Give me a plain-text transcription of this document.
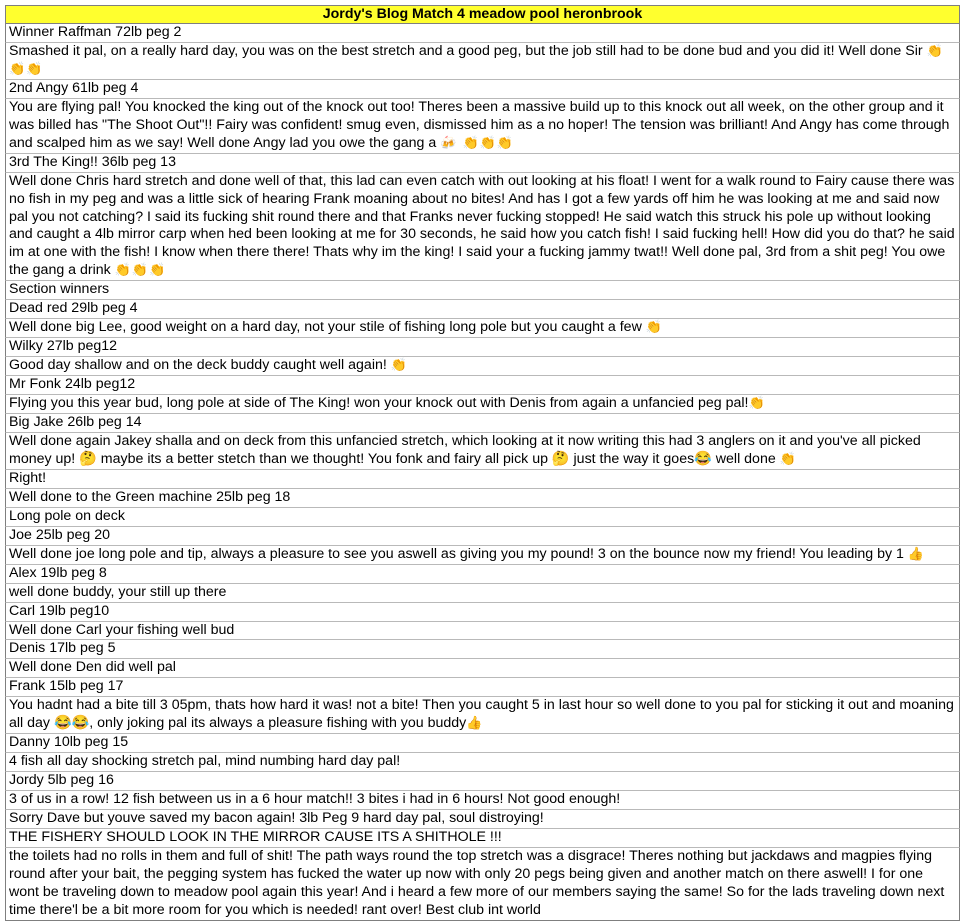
Jordy's Blog Match 4 meadow pool heronbrook
Winner Raffman 72lb peg 2
Smashed it pal, on a really hard day, you was on the best stretch and a good peg, but the job still had to be done bud and you did it! Well done Sir 👏👏👏
2nd Angy 61lb peg 4
You are flying pal! You knocked the king out of the knock out too! Theres been a massive build up to this knock out all week, on the other group and it was billed has "The Shoot Out"!! Fairy was confident! smug even, dismissed him as a no hoper! The tension was brilliant! And Angy has come through and scalped him as we say! Well done Angy lad you owe the gang a 🍻 👏👏👏
3rd The King!! 36lb peg 13
Well done Chris hard stretch and done well of that, this lad can even catch with out looking at his float! I went for a walk round to Fairy cause there was no fish in my peg and was a little sick of hearing Frank moaning about no bites! And has I got a few yards off him he was looking at me and said now pal you not catching? I said its fucking shit round there and that Franks never fucking stopped! He said watch this struck his pole up without looking and caught a 4lb mirror carp when hed been looking at me for 30 seconds, he said how you catch fish! I said fucking hell! How did you do that? he said im at one with the fish! I know when there there! Thats why im the king! I said your a fucking jammy twat!! Well done pal, 3rd from a shit peg! You owe the gang a drink 👏👏👏
Section winners
Dead red 29lb peg 4
Well done big Lee, good weight on a hard day, not your stile of fishing long pole but you caught a few 👏
Wilky 27lb peg12
Good day shallow and on the deck buddy caught well again! 👏
Mr Fonk 24lb peg12
Flying you this year bud, long pole at side of The King! won your knock out with Denis from again a unfancied peg pal!👏
Big Jake 26lb peg 14
Well done again Jakey shalla and on deck from this unfancied stretch, which looking at it now writing this had 3 anglers on it and you've all picked money up! 🤔 maybe its a better stetch than we thought! You fonk and fairy all pick up 🤔 just the way it goes😂 well done 👏
Right!
Well done to the Green machine 25lb peg 18
Long pole on deck
Joe 25lb peg 20
Well done joe long pole and tip, always a pleasure to see you aswell as giving you my pound! 3 on the bounce now my friend! You leading by 1 👍
Alex 19lb peg 8
well done buddy, your still up there
Carl 19lb peg10
Well done Carl your fishing well bud
Denis 17lb peg 5
Well done Den did well pal
Frank 15lb peg 17
You hadnt had a bite till 3 05pm, thats how hard it was! not a bite! Then you caught 5 in last hour so well done to you pal for sticking it out and moaning all day 😂😂, only joking pal its always a pleasure fishing with you buddy👍
Danny 10lb peg 15
4 fish all day shocking stretch pal, mind numbing hard day pal!
Jordy 5lb peg 16
3 of us in a row! 12 fish between us in a 6 hour match!! 3 bites i had in 6 hours! Not good enough!
Sorry Dave but youve saved my bacon again! 3lb Peg 9 hard day pal, soul distroying!
THE FISHERY SHOULD LOOK IN THE MIRROR CAUSE ITS A SHITHOLE !!!
the toilets had no rolls in them and full of shit! The path ways round the top stretch was a disgrace! Theres nothing but jackdaws and magpies flying round after your bait, the pegging system has fucked the water up now with only 20 pegs being given and another match on there aswell! I for one wont be traveling down to meadow pool again this year! And i heard a few more of our members saying the same! So for the lads traveling down next time there'l be a bit more room for you which is needed! rant over! Best club int world
